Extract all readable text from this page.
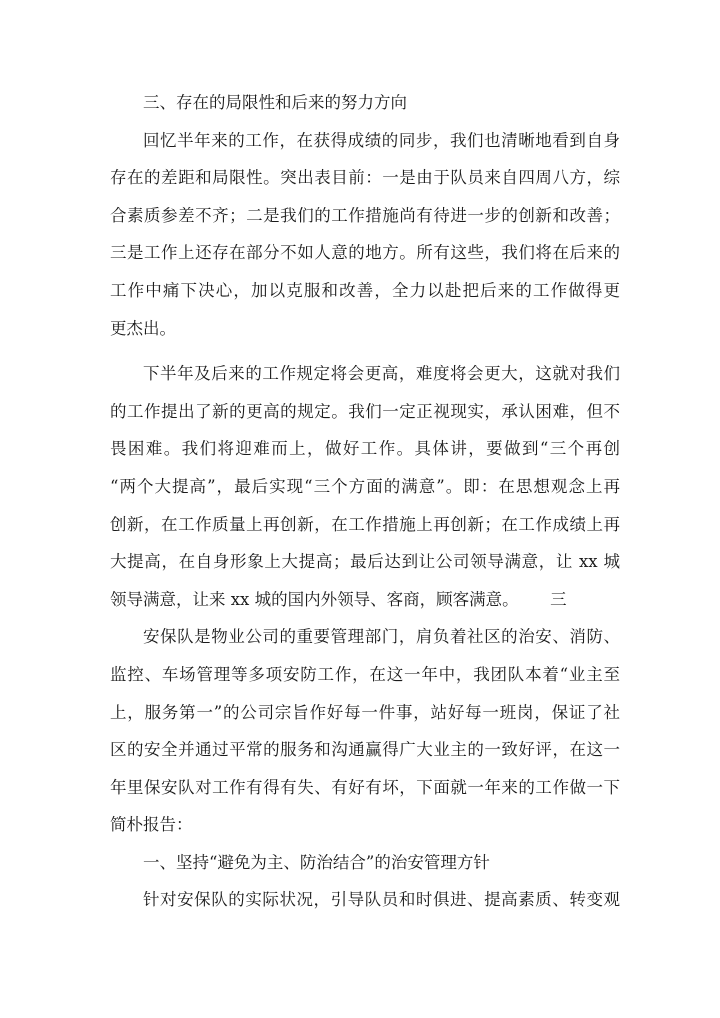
三、存在的局限性和后来的努力方向
回忆半年来的工作，在获得成绩的同步，我们也清晰地看到自身
存在的差距和局限性。突出表目前：一是由于队员来自四周八方，综
合素质参差不齐；二是我们的工作措施尚有待进一步的创新和改善；
三是工作上还存在部分不如人意的地方。所有这些，我们将在后来的
工作中痛下决心，加以克服和改善，全力以赴把后来的工作做得更
更杰出。
下半年及后来的工作规定将会更高，难度将会更大，这就对我们
的工作提出了新的更高的规定。我们一定正视现实，承认困难，但不
畏困难。我们将迎难而上，做好工作。具体讲，要做到“三个再创
“两个大提高”，最后实现“三个方面的满意”。即：在思想观念上再
创新，在工作质量上再创新，在工作措施上再创新；在工作成绩上再
大提高，在自身形象上大提高；最后达到让公司领导满意，让 xx 城
领导满意，让来 xx 城的国内外领导、客商，顾客满意。      三
安保队是物业公司的重要管理部门，肩负着社区的治安、消防、
监控、车场管理等多项安防工作，在这一年中，我团队本着“业主至
上，服务第一”的公司宗旨作好每一件事，站好每一班岗，保证了社
区的安全并通过平常的服务和沟通赢得广大业主的一致好评，在这一
年里保安队对工作有得有失、有好有坏，下面就一年来的工作做一下
简朴报告：
一、坚持“避免为主、防治结合”的治安管理方针
针对安保队的实际状况，引导队员和时俱进、提高素质、转变观
